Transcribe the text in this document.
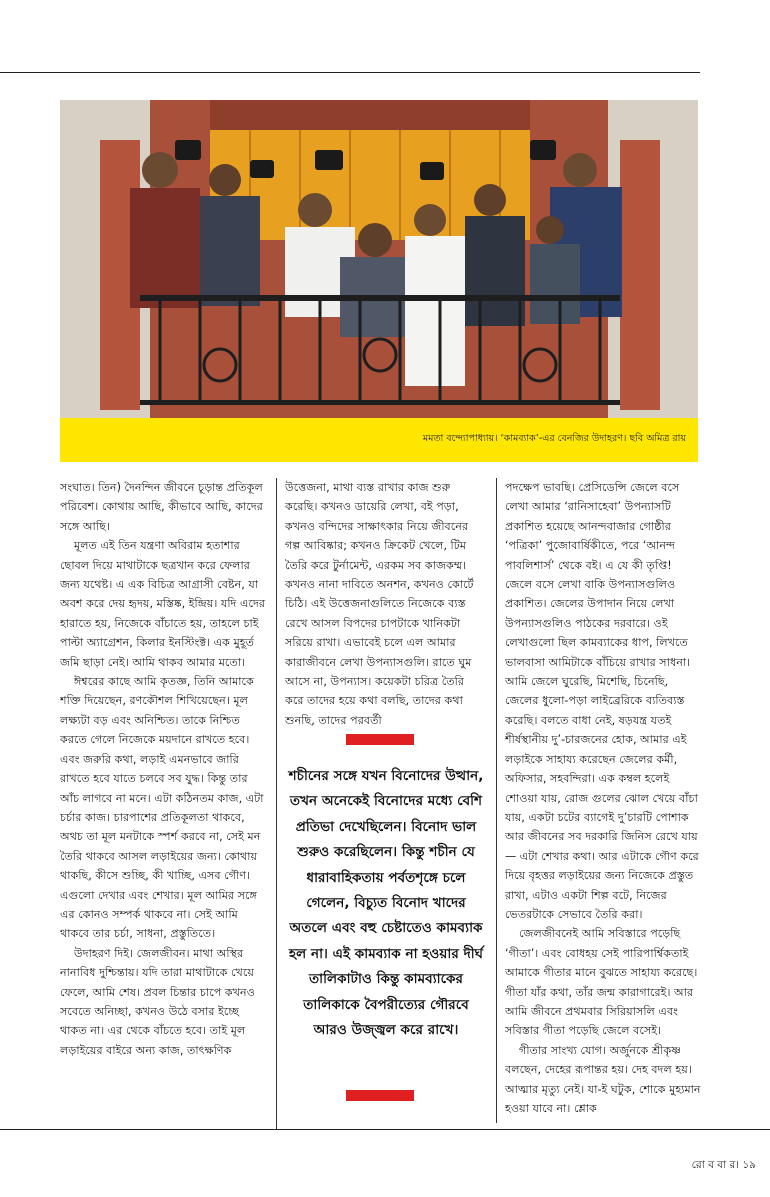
মমতা বন্দ্যোপাধ্যায়। ‘কামব্যাক’-এর বেনজির উদাহরণ। ছবি অমিত্র রায়

সংঘাত। তিন) দৈনন্দিন জীবনে চূড়ান্ত প্রতিকূল পরিবেশ। কোথায় আছি, কীভাবে আছি, কাদের সঙ্গে আছি।

মূলত এই তিন যন্ত্রণা অবিরাম হতাশার ছোবল দিয়ে মাথাটাকে ছত্রখান করে ফেলার জন্য যথেষ্ট। এ এক বিচিত্র আগ্রাসী বেষ্টন, যা অবশ করে দেয় হৃদয়, মস্তিষ্ক, ইন্দ্রিয়। যদি এদের হারাতে হয়, নিজেকে বাঁচাতে হয়, তাহলে চাই পাল্টা অ্যাগ্রেশন, কিলার ইনস্টিংক্ট। এক মুহূর্ত জমি ছাড়া নেই। আমি থাকব আমার মতো।

ঈশ্বরের কাছে আমি কৃতজ্ঞ, তিনি আমাকে শক্তি দিয়েছেন, রণকৌশল শিখিয়েছেন। মূল লক্ষ্যটা বড় এবং অনিশ্চিত। তাকে নিশ্চিত করতে গেলে নিজেকে ময়দানে রাখতে হবে। এবং জরুরি কথা, লড়াই এমনভাবে জারি রাখতে হবে যাতে চলবে সব যুদ্ধ। কিন্তু তার আঁচ লাগবে না মনে। এটা কঠিনতম কাজ, এটা চর্চার কাজ। চারপাশের প্রতিকূলতা থাকবে, অথচ তা মূল মনটাকে স্পর্শ করবে না, সেই মন তৈরি থাকবে আসল লড়াইয়ের জন্য। কোথায় থাকছি, কীসে শুচ্ছি, কী খাচ্ছি, এসব গৌণ। এগুলো দেখার এবং শেখার। মূল আমির সঙ্গে এর কোনও সম্পর্ক থাকবে না। সেই আমি থাকবে তার চর্চা, সাধনা, প্রস্তুতিতে।

উদাহরণ দিই। জেলজীবন। মাথা অস্থির নানাবিধ দুশ্চিন্তায়। যদি তারা মাথাটাকে খেয়ে ফেলে, আমি শেষ। প্রবল চিন্তার চাপে কখনও সবেতে অনিচ্ছা, কখনও উঠে বসার ইচ্ছে থাকত না। এর থেকে বাঁচতে হবে। তাই মূল লড়াইয়ের বাইরে অন্য কাজ, তাৎক্ষণিক

উত্তেজনা, মাথা ব্যস্ত রাখার কাজ শুরু করেছি। কখনও ডায়েরি লেখা, বই পড়া, কখনও বন্দিদের সাক্ষাৎকার নিয়ে জীবনের গল্প আবিষ্কার; কখনও ক্রিকেট খেলে, টিম তৈরি করে টুর্নামেন্ট, এরকম সব কাজকম্ম। কখনও নানা দাবিতে অনশন, কখনও কোর্টে চিঠি। এই উত্তেজনাগুলিতে নিজেকে ব্যস্ত রেখে আসল বিপদের চাপটাকে খানিকটা সরিয়ে রাখা। এভাবেই চলে এল আমার কারাজীবনে লেখা উপন্যাসগুলি। রাতে ঘুম আসে না, উপন্যাস। কয়েকটা চরিত্র তৈরি করে তাদের হয়ে কথা বলছি, তাদের কথা শুনছি, তাদের পরবর্তী

শচীনের সঙ্গে যখন বিনোদের উত্থান, তখন অনেকেই বিনোদের মধ্যে বেশি প্রতিভা দেখেছিলেন। বিনোদ ভাল শুরুও করেছিলেন। কিন্তু শচীন যে ধারাবাহিকতায় পর্বতশৃঙ্গে চলে গেলেন, বিচ্যুত বিনোদ খাদের অতলে এবং বহু চেষ্টাতেও কামব্যাক হল না। এই কামব্যাক না হওয়ার দীর্ঘ তালিকাটাও কিন্তু কামব্যাকের তালিকাকে বৈপরীত্যের গৌরবে আরও উজ্জ্বল করে রাখে।

পদক্ষেপ ভাবছি। প্রেসিডেন্সি জেলে বসে লেখা আমার ‘রানিসাহেবা’ উপন্যাসটি প্রকাশিত হয়েছে আনন্দবাজার গোষ্ঠীর ‘পত্রিকা’ পুজোবার্ষিকীতে, পরে ‘আনন্দ পাবলিশার্স’ থেকে বই। এ যে কী তৃপ্তি! জেলে বসে লেখা বাকি উপন্যাসগুলিও প্রকাশিত। জেলের উপাদান নিয়ে লেখা উপন্যাসগুলিও পাঠকের দরবারে। ওই লেখাগুলো ছিল কামব্যাকের ধাপ, লিখতে ভালবাসা আমিটাকে বাঁচিয়ে রাখার সাধনা। আমি জেলে ঘুরেছি, মিশেছি, চিনেছি, জেলের ধুলো-পড়া লাইব্রেরিকে ব্যতিব্যস্ত করেছি। বলতে বাধা নেই, ষড়যন্ত্র যতই শীর্ষস্থানীয় দু’-চারজনের হোক, আমার এই লড়াইকে সাহায্য করেছেন জেলের কর্মী, অফিসার, সহবন্দিরা। এক কম্বল হলেই শোওয়া যায়, রোজ গুলের ঝোল খেয়ে বাঁচা যায়, একটা চটের ব্যাগেই দু’চারটি পোশাক আর জীবনের সব দরকারি জিনিস রেখে যায়— এটা শেখার কথা। আর এটাকে গৌণ করে দিয়ে বৃহত্তর লড়াইয়ের জন্য নিজেকে প্রস্তুত রাখা, এটাও একটা শিল্প বটে, নিজের ভেতরটাকে সেভাবে তৈরি করা।

জেলজীবনেই আমি সবিস্তারে পড়েছি ‘গীতা’। এবং বোধহয় সেই পারিপার্শ্বিকতাই আমাকে গীতার মানে বুঝতে সাহায্য করেছে। গীতা যাঁর কথা, তাঁর জন্ম কারাগারেই। আর আমি জীবনে প্রথমবার সিরিয়াসলি এবং সবিস্তার গীতা পড়েছি জেলে বসেই।

গীতার সাংখ্য যোগ। অর্জুনকে শ্রীকৃষ্ণ বলছেন, দেহের রূপান্তর হয়। দেহ বদল হয়। আত্মার মৃত্যু নেই। যা-ই ঘটুক, শোকে মুহ্যমান হওয়া যাবে না। শ্লোক

রো ব বা র। ১৯
